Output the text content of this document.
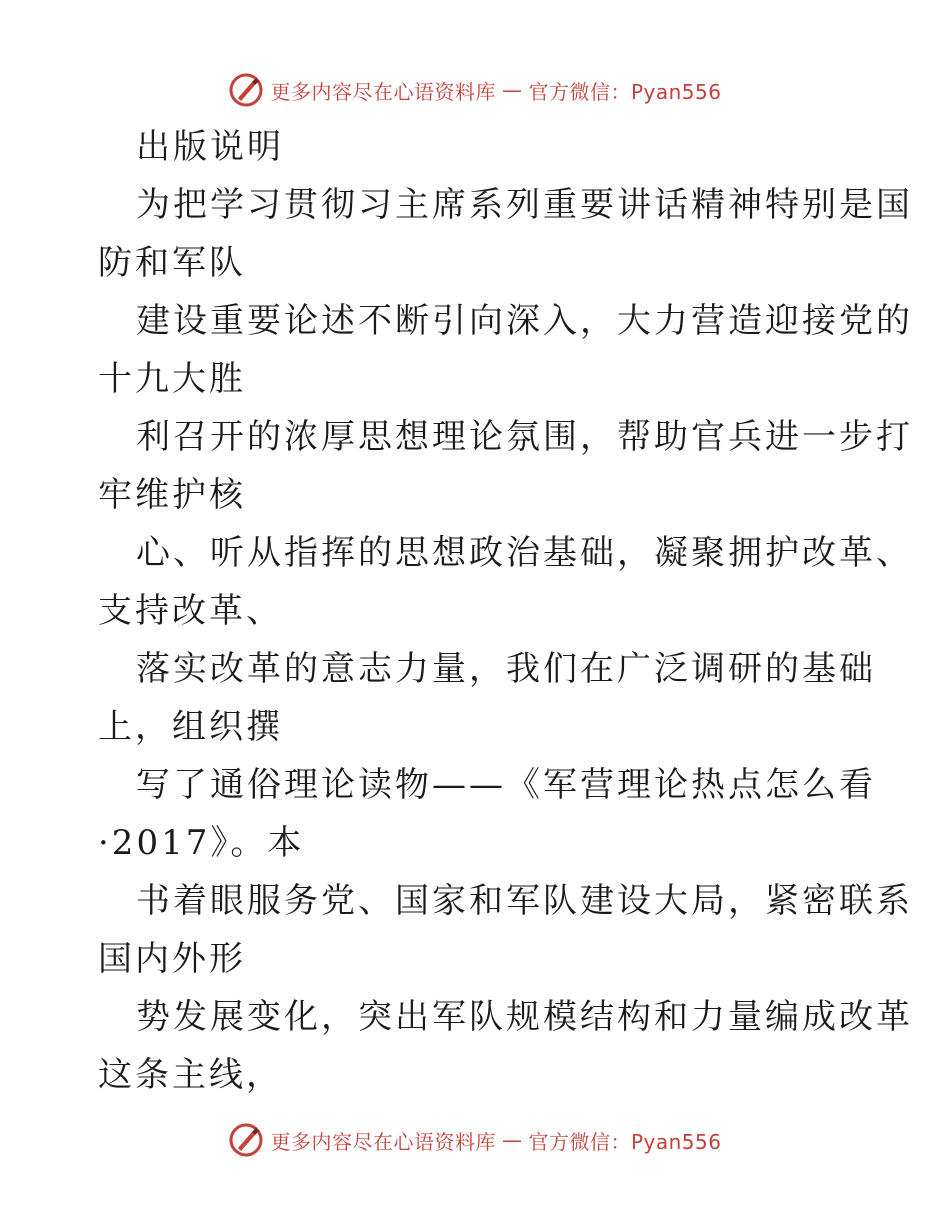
更多内容尽在心语资料库 — 官方微信：Pyan556
出版说明
为把学习贯彻习主席系列重要讲话精神特别是国
防和军队
建设重要论述不断引向深入，大力营造迎接党的
十九大胜
利召开的浓厚思想理论氛围，帮助官兵进一步打
牢维护核
心、听从指挥的思想政治基础，凝聚拥护改革、
支持改革、
落实改革的意志力量，我们在广泛调研的基础
上，组织撰
写了通俗理论读物——《军营理论热点怎么看
·2017》。本
书着眼服务党、国家和军队建设大局，紧密联系
国内外形
势发展变化，突出军队规模结构和力量编成改革
这条主线，
更多内容尽在心语资料库 — 官方微信：Pyan556
